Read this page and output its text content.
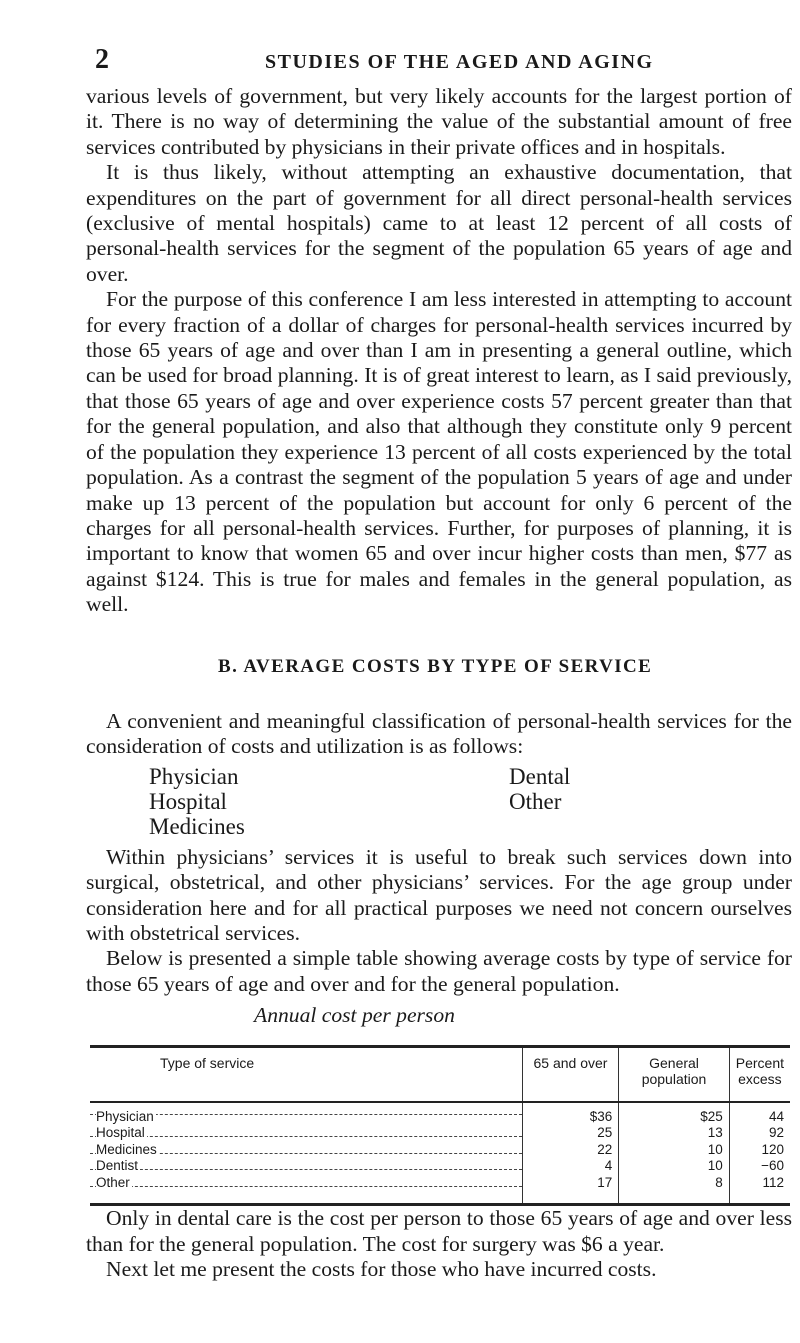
2	STUDIES OF THE AGED AND AGING

various levels of government, but very likely accounts for the largest portion of it. There is no way of determining the value of the substantial amount of free services contributed by physicians in their private offices and in hospitals.

It is thus likely, without attempting an exhaustive documentation, that expenditures on the part of government for all direct personal-health services (exclusive of mental hospitals) came to at least 12 percent of all costs of personal-health services for the segment of the population 65 years of age and over.

For the purpose of this conference I am less interested in attempting to account for every fraction of a dollar of charges for personal-health services incurred by those 65 years of age and over than I am in presenting a general outline, which can be used for broad planning. It is of great interest to learn, as I said previously, that those 65 years of age and over experience costs 57 percent greater than that for the general population, and also that although they constitute only 9 percent of the population they experience 13 percent of all costs experienced by the total population. As a contrast the segment of the population 5 years of age and under make up 13 percent of the population but account for only 6 percent of the charges for all personal-health services. Further, for purposes of planning, it is important to know that women 65 and over incur higher costs than men, $77 as against $124. This is true for males and females in the general population, as well.

B. AVERAGE COSTS BY TYPE OF SERVICE

A convenient and meaningful classification of personal-health services for the consideration of costs and utilization is as follows:

Physician	Dental
Hospital	Other
Medicines

Within physicians’ services it is useful to break such services down into surgical, obstetrical, and other physicians’ services. For the age group under consideration here and for all practical purposes we need not concern ourselves with obstetrical services.

Below is presented a simple table showing average costs by type of service for those 65 years of age and over and for the general population.

Annual cost per person
Type of service	65 and over	General population	Percent excess
Physician	$36	$25	44
Hospital	25	13	92
Medicines	22	10	120
Dentist	4	10	−60
Other	17	8	112

Only in dental care is the cost per person to those 65 years of age and over less than for the general population. The cost for surgery was $6 a year.

Next let me present the costs for those who have incurred costs.
